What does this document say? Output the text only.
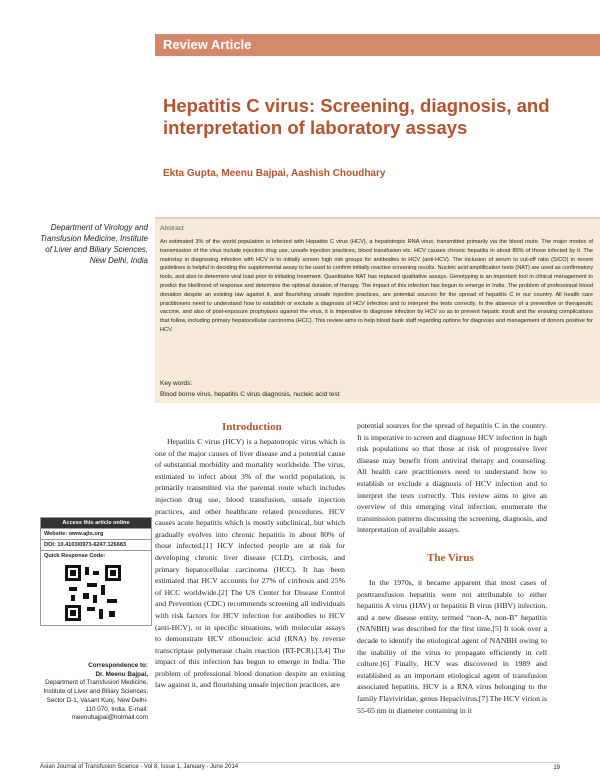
Review Article
Hepatitis C virus: Screening, diagnosis, and interpretation of laboratory assays
Ekta Gupta, Meenu Bajpai, Aashish Choudhary
Department of Virology and Transfusion Medicine, Institute of Liver and Biliary Sciences, New Delhi, India
Abstract

An estimated 3% of the world population is infected with Hepatitis C virus (HCV), a hepatotropic RNA virus, transmitted primarily via the blood route. The major modes of transmission of the virus include injection drug use, unsafe injection practices, blood transfusion etc. HCV causes chronic hepatitis in about 80% of those infected by it. The mainstay in diagnosing infection with HCV is to initially screen high risk groups for antibodies to HCV (anti-HCV). The inclusion of serum to cut-off ratio (S/CO) in recent guidelines is helpful in deciding the supplemental assay to be used to confirm initially reactive screening results. Nucleic acid amplification tests (NAT) are used as confirmatory tools, and also to determine viral load prior to initiating treatment. Quantitative NAT has replaced qualitative assays. Genotyping is an important tool in clinical management to predict the likelihood of response and determine the optimal duration of therapy. The impact of this infection has begun to emerge in India. The problem of professional blood donation despite an existing law against it, and flourishing unsafe injection practices, are potential sources for the spread of hepatitis C in our country. All health care practitioners need to understand how to establish or exclude a diagnosis of HCV infection and to interpret the tests correctly. In the absence of a preventive or therapeutic vaccine, and also of post-exposure prophylaxis against the virus, it is imperative to diagnose infection by HCV so as to prevent hepatic insult and the ensuing complications that follow, including primary hepatocellular carcinoma (HCC). This review aims to help blood bank staff regarding options for diagnosis and management of donors positive for HCV.

Key words:
Blood borne virus, hepatitis C virus diagnosis, nucleic acid test
Introduction

Hepatitis C virus (HCV) is a hepatotropic virus which is one of the major causes of liver disease and a potential cause of substantial morbidity and mortality worldwide. The virus, estimated to infect about 3% of the world population, is primarily transmitted via the parental route which includes injection drug use, blood transfusion, unsafe injection practices, and other healthcare related procedures. HCV causes acute hepatitis which is mostly subclinical, but which gradually evolves into chronic hepatitis in about 80% of those infected.[1] HCV infected people are at risk for developing chronic liver disease (CLD), cirrhosis, and primary hepatocellular carcinoma (HCC). It has been estimated that HCV accounts for 27% of cirrhosis and 25% of HCC worldwide.[2] The US Center for Disease Control and Prevention (CDC) recommends screening all individuals with risk factors for HCV infection for antibodies to HCV (anti-HCV), or in specific situations, with molecular assays to demonstrate HCV ribonucleic acid (RNA) by reverse transcriptase polymerase chain reaction (RT-PCR).[3,4] The impact of this infection has begun to emerge in India. The problem of professional blood donation despite an existing law against it, and flourishing unsafe injection practices, are

potential sources for the spread of hepatitis C in the country. It is imperative to screen and diagnose HCV infection in high risk populations so that those at risk of progressive liver disease may benefit from antiviral therapy and counseling. All health care practitioners need to understand how to establish or exclude a diagnosis of HCV infection and to interpret the tests correctly. This review aims to give an overview of this emerging viral infection, enumerate the transmission patterns discussing the screening, diagnosis, and interpretation of available assays.

The Virus

In the 1970s, it became apparent that most cases of posttransfusion hepatitis were not attributable to either hepatitis A virus (HAV) or hepatitis B virus (HBV) infection, and a new disease entity, termed “non-A, non-B” hepatitis (NANBH) was described for the first time.[5] It took over a decade to identify the etiological agent of NANBH owing to the inability of the virus to propagate efficiently in cell culture.[6] Finally, HCV was discovered in 1989 and established as an important etiological agent of transfusion associated hepatitis. HCV is a RNA virus belonging to the family Flaviviridae, genus Hepacivirus.[7] The HCV virion is 55-65 nm in diameter containing in it

Access this article online
Website: www.ajts.org
DOI: 10.4103/0973-6247.126683
Quick Response Code:
Correspondence to:
Dr. Meenu Bajpai,
Department of Transfusion Medicine, Institute of Liver and Biliary Sciences, Sector D-1, Vasant Kunj, New Delhi-110 070, India. E-mail: meenubajpai@hotmail.com
Asian Journal of Transfusion Science - Vol 8, Issue 1, January - June 2014	19
